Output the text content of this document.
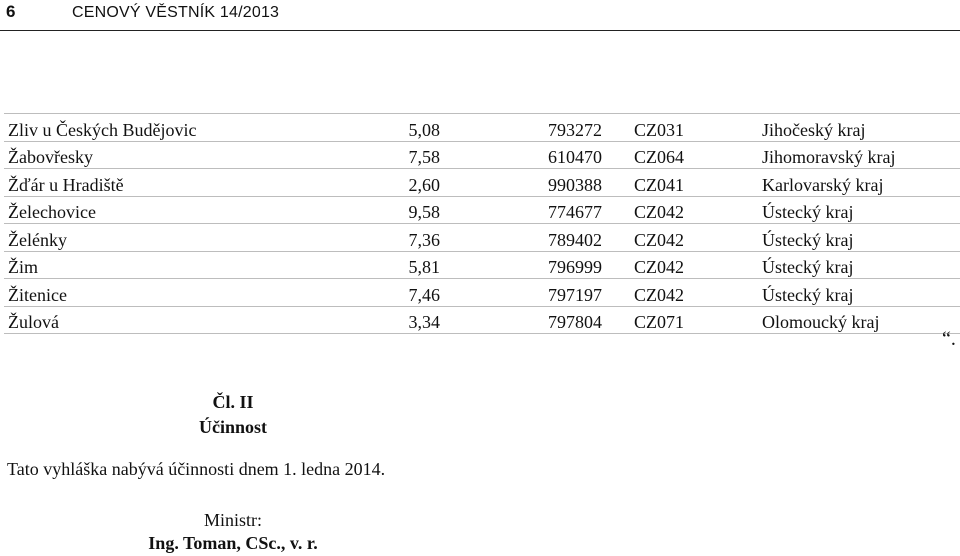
6	CENOVÝ VĚSTNÍK 14/2013
Zliv u Českých Budějovic	5,08	793272	CZ031	Jihočeský kraj
Žabovřesky	7,58	610470	CZ064	Jihomoravský kraj
Žďár u Hradiště	2,60	990388	CZ041	Karlovarský kraj
Želechovice	9,58	774677	CZ042	Ústecký kraj
Želénky	7,36	789402	CZ042	Ústecký kraj
Žim	5,81	796999	CZ042	Ústecký kraj
Žitenice	7,46	797197	CZ042	Ústecký kraj
Žulová	3,34	797804	CZ071	Olomoucký kraj
“.
Čl. II
Účinnost
Tato vyhláška nabývá účinnosti dnem 1. ledna 2014.
Ministr:
Ing. Toman, CSc., v. r.
